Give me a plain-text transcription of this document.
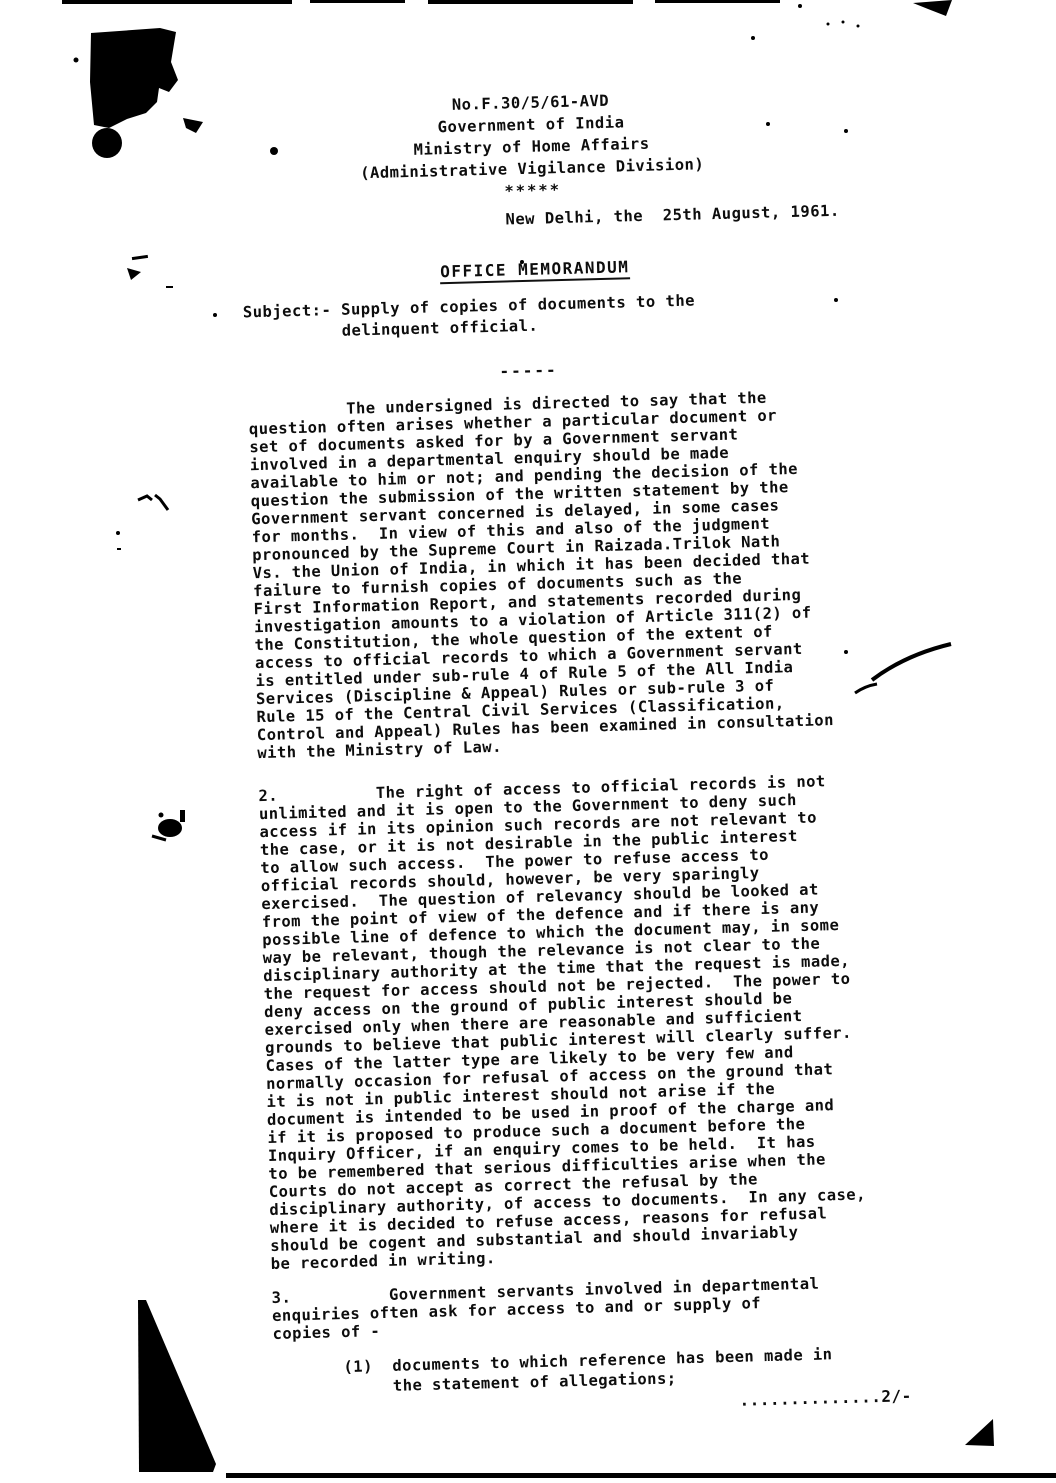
No.F.30/5/61-AVD
Government of India
Ministry of Home Affairs
(Administrative Vigilance Division)
*****
New Delhi, the  25th August, 1961.
OFFICE MEMORANDUM
Subject:- Supply of copies of documents to the
delinquent official.
-----
The undersigned is directed to say that the
question often arises whether a particular document or
set of documents asked for by a Government servant
involved in a departmental enquiry should be made
available to him or not; and pending the decision of the
question the submission of the written statement by the
Government servant concerned is delayed, in some cases
for months.  In view of this and also of the judgment
pronounced by the Supreme Court in Raizada.Trilok Nath
Vs. the Union of India, in which it has been decided that
failure to furnish copies of documents such as the
First Information Report, and statements recorded during
investigation amounts to a violation of Article 311(2) of
the Constitution, the whole question of the extent of
access to official records to which a Government servant
is entitled under sub-rule 4 of Rule 5 of the All India
Services (Discipline & Appeal) Rules or sub-rule 3 of
Rule 15 of the Central Civil Services (Classification,
Control and Appeal) Rules has been examined in consultation
with the Ministry of Law.
2.          The right of access to official records is not
unlimited and it is open to the Government to deny such
access if in its opinion such records are not relevant to
the case, or it is not desirable in the public interest
to allow such access.  The power to refuse access to
official records should, however, be very sparingly
exercised.  The question of relevancy should be looked at
from the point of view of the defence and if there is any
possible line of defence to which the document may, in some
way be relevant, though the relevance is not clear to the
disciplinary authority at the time that the request is made,
the request for access should not be rejected.  The power to
deny access on the ground of public interest should be
exercised only when there are reasonable and sufficient
grounds to believe that public interest will clearly suffer.
Cases of the latter type are likely to be very few and
normally occasion for refusal of access on the ground that
it is not in public interest should not arise if the
document is intended to be used in proof of the charge and
if it is proposed to produce such a document before the
Inquiry Officer, if an enquiry comes to be held.  It has
to be remembered that serious difficulties arise when the
Courts do not accept as correct the refusal by the
disciplinary authority, of access to documents.  In any case,
where it is decided to refuse access, reasons for refusal
should be cogent and substantial and should invariably
be recorded in writing.
3.          Government servants involved in departmental
enquiries often ask for access to and or supply of
copies of -
(1)  documents to which reference has been made in
the statement of allegations;
..............2/-
